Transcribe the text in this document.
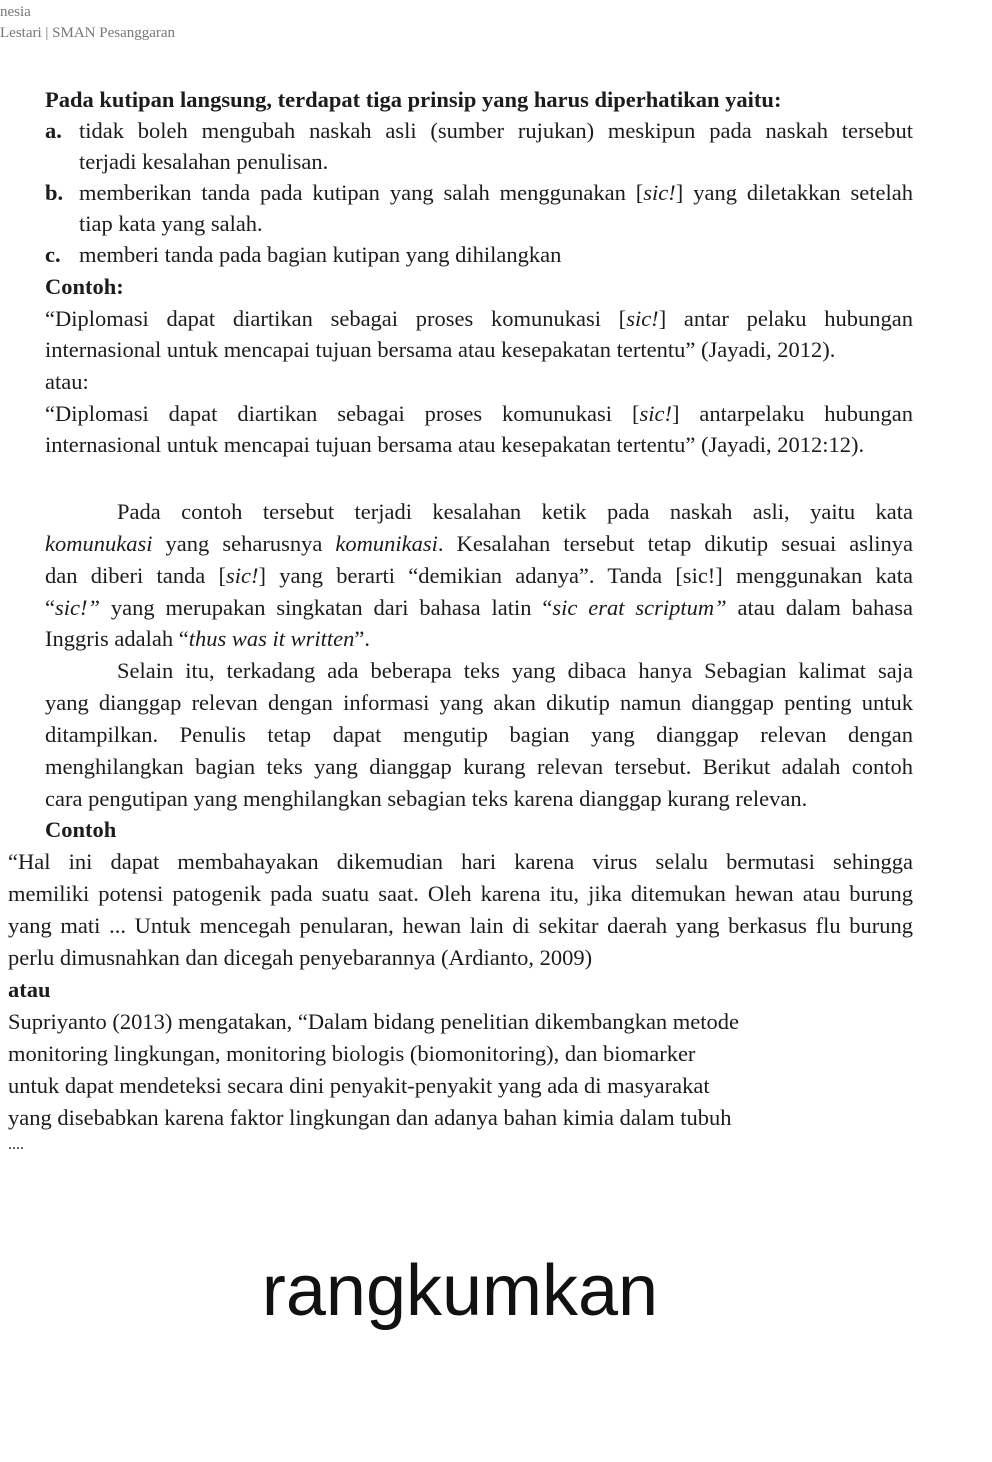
nesia
Lestari | SMAN Pesanggaran
Pada kutipan langsung, terdapat tiga prinsip yang harus diperhatikan yaitu:
a. tidak boleh mengubah naskah asli (sumber rujukan) meskipun pada naskah tersebut
terjadi kesalahan penulisan.
b. memberikan tanda pada kutipan yang salah menggunakan [sic!] yang diletakkan setelah
tiap kata yang salah.
c. memberi tanda pada bagian kutipan yang dihilangkan
Contoh:
“Diplomasi dapat diartikan sebagai proses komunukasi [sic!] antar pelaku hubungan
internasional untuk mencapai tujuan bersama atau kesepakatan tertentu” (Jayadi, 2012).
atau:
“Diplomasi dapat diartikan sebagai proses komunukasi [sic!] antarpelaku hubungan
internasional untuk mencapai tujuan bersama atau kesepakatan tertentu” (Jayadi, 2012:12).
Pada contoh tersebut terjadi kesalahan ketik pada naskah asli, yaitu kata
komunukasi yang seharusnya komunikasi. Kesalahan tersebut tetap dikutip sesuai aslinya
dan diberi tanda [sic!] yang berarti “demikian adanya”. Tanda [sic!] menggunakan kata
“sic!” yang merupakan singkatan dari bahasa latin “sic erat scriptum” atau dalam bahasa
Inggris adalah “thus was it written”.
Selain itu, terkadang ada beberapa teks yang dibaca hanya Sebagian kalimat saja
yang dianggap relevan dengan informasi yang akan dikutip namun dianggap penting untuk
ditampilkan. Penulis tetap dapat mengutip bagian yang dianggap relevan dengan
menghilangkan bagian teks yang dianggap kurang relevan tersebut. Berikut adalah contoh
cara pengutipan yang menghilangkan sebagian teks karena dianggap kurang relevan.
Contoh
“Hal ini dapat membahayakan dikemudian hari karena virus selalu bermutasi sehingga
memiliki potensi patogenik pada suatu saat. Oleh karena itu, jika ditemukan hewan atau burung
yang mati ... Untuk mencegah penularan, hewan lain di sekitar daerah yang berkasus flu burung
perlu dimusnahkan dan dicegah penyebarannya (Ardianto, 2009)
atau
Supriyanto (2013) mengatakan, “Dalam bidang penelitian dikembangkan metode
monitoring lingkungan, monitoring biologis (biomonitoring), dan biomarker
untuk dapat mendeteksi secara dini penyakit-penyakit yang ada di masyarakat
yang disebabkan karena faktor lingkungan dan adanya bahan kimia dalam tubuh
....
rangkumkan
